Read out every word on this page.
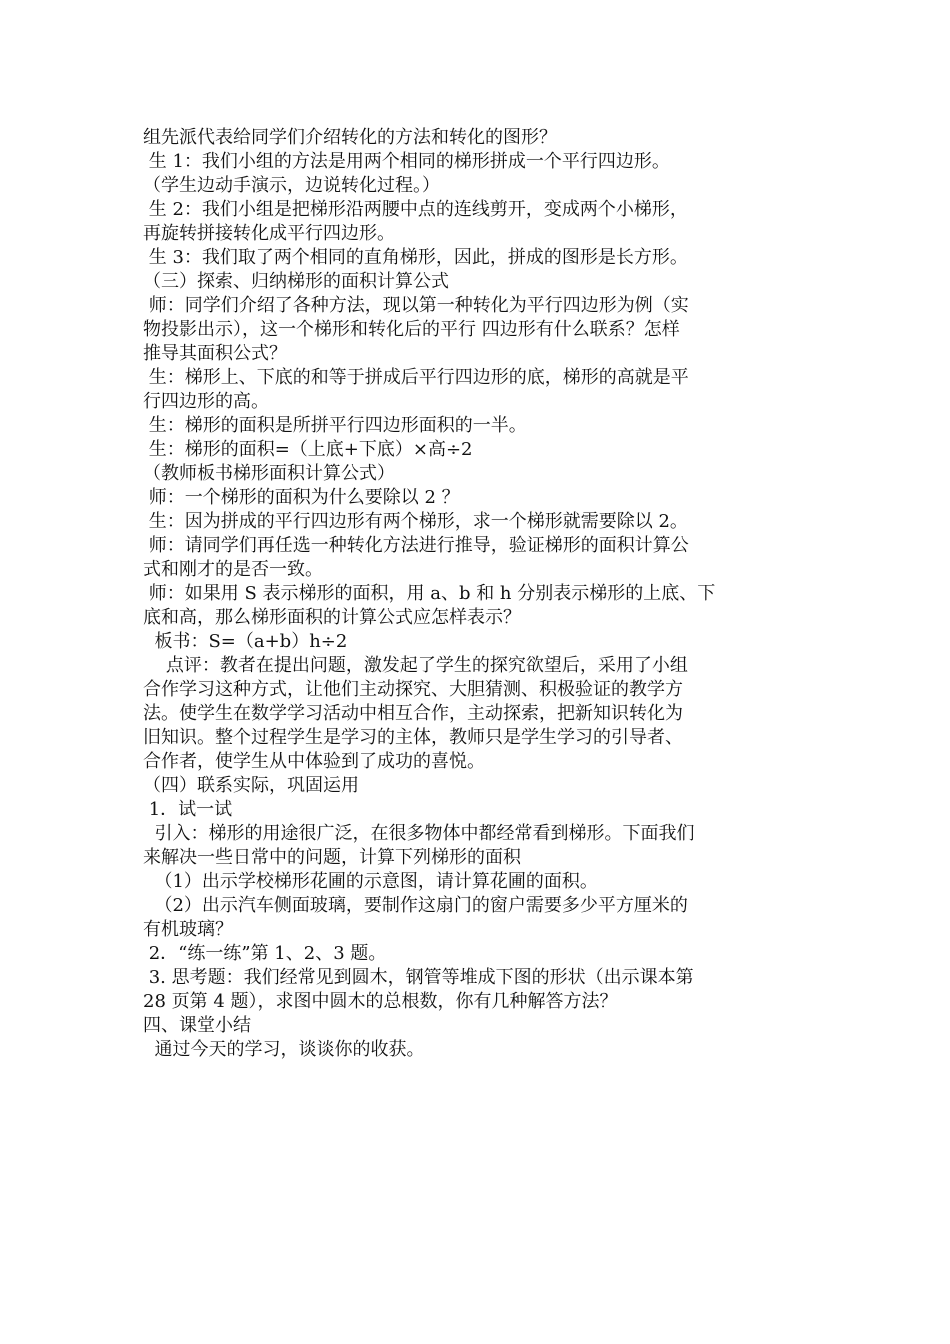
组先派代表给同学们介绍转化的方法和转化的图形？
生 1：我们小组的方法是用两个相同的梯形拼成一个平行四边形。
（学生边动手演示，边说转化过程。）
生 2：我们小组是把梯形沿两腰中点的连线剪开，变成两个小梯形，
再旋转拼接转化成平行四边形。
生 3：我们取了两个相同的直角梯形，因此，拼成的图形是长方形。
（三）探索、归纳梯形的面积计算公式
师：同学们介绍了各种方法，现以第一种转化为平行四边形为例（实
物投影出示），这一个梯形和转化后的平行 四边形有什么联系？怎样
推导其面积公式？
生：梯形上、下底的和等于拼成后平行四边形的底，梯形的高就是平
行四边形的高。
生：梯形的面积是所拼平行四边形面积的一半。
生：梯形的面积=（上底+下底）×高÷2
（教师板书梯形面积计算公式）
师：一个梯形的面积为什么要除以 2 ？
生：因为拼成的平行四边形有两个梯形，求一个梯形就需要除以 2。
师：请同学们再任选一种转化方法进行推导，验证梯形的面积计算公
式和刚才的是否一致。
师：如果用 S 表示梯形的面积，用 a、b 和 h 分别表示梯形的上底、下
底和高，那么梯形面积的计算公式应怎样表示？
板书：S=（a+b）h÷2
点评：教者在提出问题，激发起了学生的探究欲望后，采用了小组
合作学习这种方式，让他们主动探究、大胆猜测、积极验证的教学方
法。使学生在数学学习活动中相互合作，主动探索，把新知识转化为
旧知识。整个过程学生是学习的主体，教师只是学生学习的引导者、
合作者，使学生从中体验到了成功的喜悦。
（四）联系实际，巩固运用
1．试一试
引入：梯形的用途很广泛，在很多物体中都经常看到梯形。下面我们
来解决一些日常中的问题，计算下列梯形的面积
（1）出示学校梯形花圃的示意图，请计算花圃的面积。
（2）出示汽车侧面玻璃，要制作这扇门的窗户需要多少平方厘米的
有机玻璃？
2．“练一练”第 1、2、3 题。
3. 思考题：我们经常见到圆木，钢管等堆成下图的形状（出示课本第
28 页第 4 题），求图中圆木的总根数，你有几种解答方法？
四、课堂小结
通过今天的学习，谈谈你的收获。
